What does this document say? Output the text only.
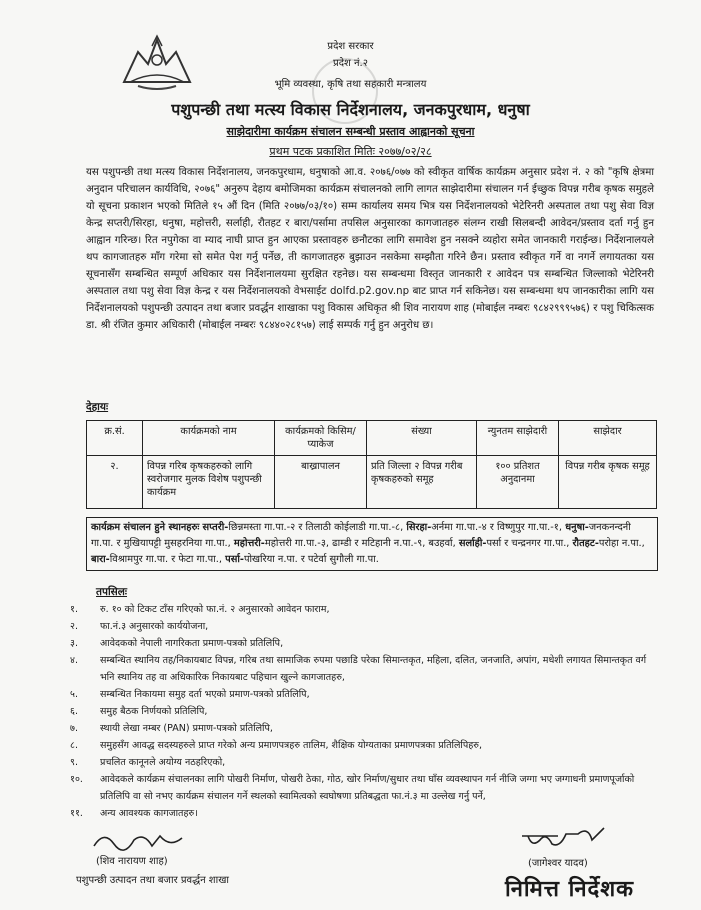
प्रदेश सरकार
प्रदेश नं.२
भूमि व्यवस्था, कृषि तथा सहकारी मन्त्रालय
पशुपन्छी तथा मत्स्य विकास निर्देशनालय, जनकपुरधाम, धनुषा
साझेदारीमा कार्यक्रम संचालन सम्बन्धी प्रस्ताव आह्वानको सूचना
प्रथम पटक प्रकाशित मितिः २०७७/०२/२८
यस पशुपन्छी तथा मत्स्य विकास निर्देशनालय, जनकपुरधाम, धनुषाको आ.व. २०७६/०७७ को स्वीकृत वार्षिक कार्यक्रम अनुसार प्रदेश नं. २ को "कृषि क्षेत्रमा अनुदान परिचालन कार्यविधि, २०७६" अनुरुप देहाय बमोजिमका कार्यक्रम संचालनको लागि लागत साझेदारीमा संचालन गर्न ईच्छुक विपन्न गरीब कृषक समुहले यो सूचना प्रकाशन भएको मितिले १५ औं दिन (मिति २०७७/०३/१०) सम्म कार्यालय समय भित्र यस निर्देशनालयको भेटेरिनरी अस्पताल तथा पशु सेवा विज्ञ केन्द्र सप्तरी/सिरहा, धनुषा, महोत्तरी, सर्लाही, रौतहट र बारा/पर्सामा तपसिल अनुसारका कागजातहरु संलग्न राखी सिलबन्दी आवेदन/प्रस्ताव दर्ता गर्नु हुन आह्वान गरिन्छ। रित नपुगेका वा म्याद नाघी प्राप्त हुन आएका प्रस्तावहरु छनौटका लागि समावेश हुन नसक्ने व्यहोरा समेत जानकारी गराईन्छ। निर्देशनालयले थप कागजातहरु माँग गरेमा सो समेत पेश गर्नु पर्नेछ, ती कागजातहरु बुझाउन नसकेमा सम्झौता गरिने छैन। प्रस्ताव स्वीकृत गर्ने वा नगर्ने लगायतका यस सूचनासँग सम्बन्धित सम्पूर्ण अधिकार यस निर्देशनालयमा सुरक्षित रहनेछ। यस सम्बन्धमा विस्तृत जानकारी र आवेदन पत्र सम्बन्धित जिल्लाको भेटेरिनरी अस्पताल तथा पशु सेवा विज्ञ केन्द्र र यस निर्देशनालयको वेभसाईट dolfd.p2.gov.np बाट प्राप्त गर्न सकिनेछ। यस सम्बन्धमा थप जानकारीका लागि यस निर्देशनालयको पशुपन्छी उत्पादन तथा बजार प्रवर्द्धन शाखाका पशु विकास अधिकृत श्री शिव नारायण शाह (मोबाईल नम्बरः ९८४२९९९५७६) र पशु चिकित्सक डा. श्री रंजित कुमार अधिकारी (मोबाईल नम्बरः ९८४४०२८१५७) लाई सम्पर्क गर्नु हुन अनुरोध छ।
देहायः
क्र.सं.	कार्यक्रमको नाम	कार्यक्रमको किसिम/प्याकेज	संख्या	न्युनतम साझेदारी	साझेदार
२.	विपन्न गरिब कृषकहरुको लागि स्वरोजगार मुलक विशेष पशुपन्छी कार्यक्रम	बाख्रापालन	प्रति जिल्ला २ विपन्न गरीब कृषकहरुको समूह	१०० प्रतिशत अनुदानमा	विपन्न गरीब कृषक समूह
कार्यक्रम संचालन हुने स्थानहरुः सप्तरी-छिन्नमस्ता गा.पा.-२ र तिलाठी कोईलाडी गा.पा.-८, सिरहा-अर्नमा गा.पा.-४ र विष्णुपुर गा.पा.-१, धनुषा-जनकनन्दनी गा.पा. र मुखियापट्टी मुसहरनिया गा.पा., महोत्तरी-महोत्तरी गा.पा.-३, ढाम्डी र मटिहानी न.पा.-९, बउहर्वा, सर्लाही-पर्सा र चन्द्रनगर गा.पा., रौतहट-परोहा न.पा., बारा-विश्रामपुर गा.पा. र फेटा गा.पा., पर्सा-पोखरिया न.पा. र पटेर्वा सुगौली गा.पा.
तपसिलः
१.	रु. १० को टिकट टाँस गरिएको फा.नं. २ अनुसारको आवेदन फाराम,
२.	फा.नं.३ अनुसारको कार्ययोजना,
३.	आवेदकको नेपाली नागरिकता प्रमाण-पत्रको प्रतिलिपि,
४.	सम्बन्धित स्थानिय तह/निकायबाट विपन्न, गरिब तथा सामाजिक रुपमा पछाडि परेका सिमान्तकृत, महिला, दलित, जनजाति, अपांग, मधेशी लगायत सिमान्तकृत वर्ग भनि स्थानिय तह वा अधिकारिक निकायबाट पहिचान खुल्ने कागजातहरु,
५.	सम्बन्धित निकायमा समुह दर्ता भएको प्रमाण-पत्रको प्रतिलिपि,
६.	समुह बैठक निर्णयको प्रतिलिपि,
७.	स्थायी लेखा नम्बर (PAN) प्रमाण-पत्रको प्रतिलिपि,
८.	समुहसँग आवद्ध सदस्यहरुले प्राप्त गरेको अन्य प्रमाणपत्रहरु तालिम, शैक्षिक योग्यताका प्रमाणपत्रका प्रतिलिपिहरु,
९.	प्रचलित कानूनले अयोग्य नठहरिएको,
१०.	आवेदकले कार्यक्रम संचालनका लागि पोखरी निर्माण, पोखरी ठेका, गोठ, खोर निर्माण/सुधार तथा घाँस व्यवस्थापन गर्न नीजि जग्गा भए जग्गाधनी प्रमाणपूर्जाको प्रतिलिपि वा सो नभए कार्यक्रम संचालन गर्ने स्थलको स्वामित्वको स्वघोषणा प्रतिबद्धता फा.नं.३ मा उल्लेख गर्नु पर्ने,
११.	अन्य आवश्यक कागजातहरु।
(शिव नारायण शाह)
पशुपन्छी उत्पादन तथा बजार प्रवर्द्धन शाखा
(जागेश्वर यादव)
निमित्त निर्देशक
